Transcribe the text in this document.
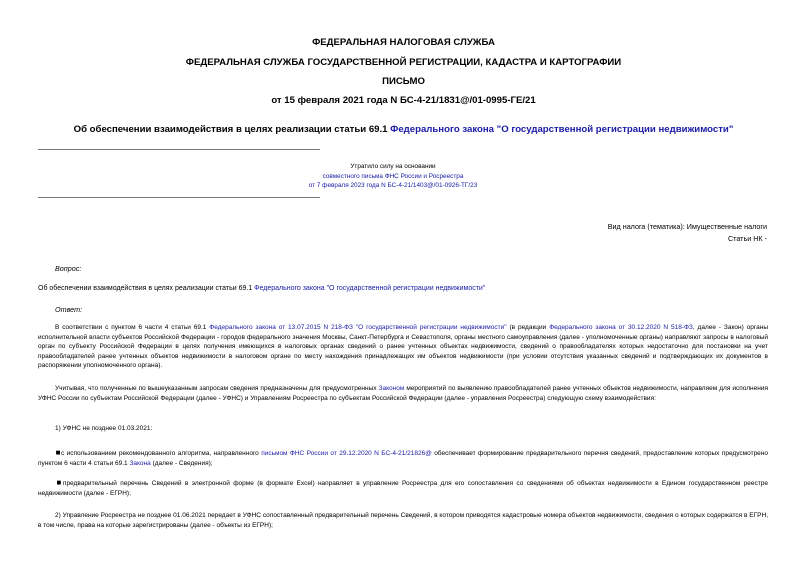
ФЕДЕРАЛЬНАЯ НАЛОГОВАЯ СЛУЖБА
ФЕДЕРАЛЬНАЯ СЛУЖБА ГОСУДАРСТВЕННОЙ РЕГИСТРАЦИИ, КАДАСТРА И КАРТОГРАФИИ
ПИСЬМО
от 15 февраля 2021 года N БС-4-21/1831@/01-0995-ГЕ/21
Об обеспечении взаимодействия в целях реализации статьи 69.1 Федерального закона "О государственной регистрации недвижимости"
Утратило силу на основании
совместного письма ФНС России и Росреестра
от 7 февраля 2023 года N БС-4-21/1403@/01-0926-ТГ/23
Вид налога (тематика): Имущественные налоги
Статьи НК -
Вопрос:
Об обеспечении взаимодействия в целях реализации статьи 69.1 Федерального закона "О государственной регистрации недвижимости"
Ответ:
В соответствии с пунктом 6 части 4 статьи 69.1 Федерального закона от 13.07.2015 N 218-ФЗ "О государственной регистрации недвижимости" (в редакции Федерального закона от 30.12.2020 N 518-ФЗ, далее - Закон) органы исполнительной власти субъектов Российской Федерации - городов федерального значения Москвы, Санкт-Петербурга и Севастополя, органы местного самоуправления (далее - уполномоченные органы) направляют запросы в налоговый орган по субъекту Российской Федерации в целях получения имеющихся в налоговых органах сведений о ранее учтенных объектах недвижимости, сведений о правообладателях которых недостаточно для постановки на учет правообладателей ранее учтенных объектов недвижимости в налоговом органе по месту нахождения принадлежащих им объектов недвижимости (при условии отсутствия указанных сведений и подтверждающих их документов в распоряжении уполномоченного органа).
Учитывая, что полученные по вышеуказанным запросам сведения предназначены для предусмотренных Законом мероприятий по выявлению правообладателей ранее учтенных объектов недвижимости, направляем для исполнения УФНС России по субъектам Российской Федерации (далее - УФНС) и Управлениям Росреестра по субъектам Российской Федерации (далее - управления Росреестра) следующую схему взаимодействия:
1) УФНС не позднее 01.03.2021:
■с использованием рекомендованного алгоритма, направленного письмом ФНС России от 29.12.2020 N БС-4-21/21826@ обеспечивает формирование предварительного перечня сведений, предоставление которых предусмотрено пунктом 6 части 4 статьи 69.1 Закона (далее - Сведения);
■предварительный перечень Сведений в электронной форме (в формате Excel) направляет в управление Росреестра для его сопоставления со сведениями об объектах недвижимости в Едином государственном реестре недвижимости (далее - ЕГРН);
2) Управление Росреестра не позднее 01.06.2021 передает в УФНС сопоставленный предварительный перечень Сведений, в котором приводятся кадастровые номера объектов недвижимости, сведения о которых содержатся в ЕГРН, в том числе, права на которые зарегистрированы (далее - объекты из ЕГРН);
